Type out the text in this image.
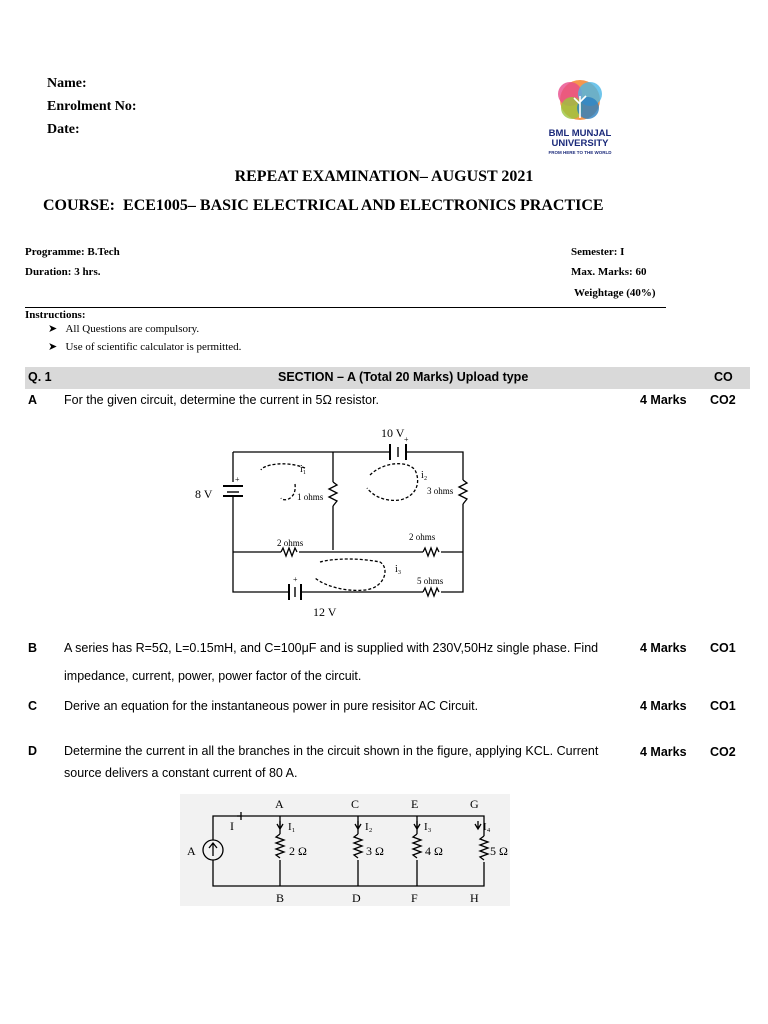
Name:
Enrolment No:
Date:	BML MUNJAL
UNIVERSITY
FROM HERE TO THE WORLD
REPEAT EXAMINATION– AUGUST 2021
COURSE: ECE1005– BASIC ELECTRICAL AND ELECTRONICS PRACTICE
Programme: B.Tech
Duration: 3 hrs.
Semester: I
Max. Marks: 60
Weightage (40%)
Instructions:
➤ All Questions are compulsory.
➤ Use of scientific calculator is permitted.
Q. 1	SECTION – A (Total 20 Marks) Upload type	CO
A For the given circuit, determine the current in 5Ω resistor.	4 Marks CO2
10 V
8 V
12 V
i₁
i₂
i₃
1 ohms
3 ohms
2 ohms
2 ohms
5 ohms
+
+
+
B A series has R=5Ω, L=0.15mH, and C=100μF and is supplied with 230V,50Hz single phase. Find
impedance, current, power, power factor of the circuit.
4 Marks CO1
C Derive an equation for the instantaneous power in pure resisitor AC Circuit.	4 Marks CO1
D Determine the current in all the branches in the circuit shown in the figure, applying KCL. Current
source delivers a constant current of 80 A.
4 Marks CO2
A	C	E	G
B	D	F	H
A
I	I₁	I₂	I₃	I₄
2 Ω	3 Ω	4 Ω	5 Ω
